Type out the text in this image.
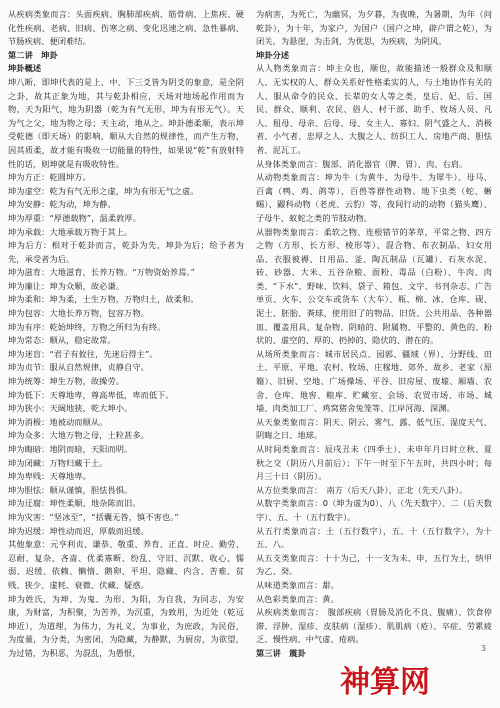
从疾病类象而言：头面疾病、胸肺部疾病、筋骨病、上焦疾、硬化性疾病、老病、旧病、伤寒之病、变化迅速之病、急性暴病、节肠疾病、便闭难结。

第二讲　坤卦

坤卦概述

坤八断，即坤代表的是上、中、下三爻皆为阴爻的象意，是全阴之卦，故其正象为地，其与乾卦相应，天场对地场起作用而为物，天为阳气，地为阴器（乾为有气无形，坤为有形无气）。天为气之父，地为物之母；天主动，地从之。坤卦德柔顺，表示坤受乾德（即天场）的影响，顺从大自然的规律性，而产生万物，因其质柔，故才能有吸收一切能量的特性，如果说“乾”有放射特性的话，则坤就是有吸收特性。

坤为方正：乾圆坤方。

坤为虚空：乾为有气无形之虚，坤为有形无气之虚。

坤为安静：乾为动，坤为静。

坤为厚重：“厚德载物”，温柔敦厚。

坤为承载：大地承载万物于其上。

坤为后方：相对于乾卦而言，乾卦为先，坤卦为后；给予者为先，承受者为后。

坤为滋育：大地滋育，长养万物。“万物资始养焉。”

坤为廉让：坤为众顺，故必谦。

坤为柔和：坤为柔，土生万物，万物归土，故柔和。

坤为包容：大地长养万物，包容万物。

坤为有序：乾始坤终，万物之所归为有终。

坤为常态：顺从，稳定故常。

坤为迷盲：“君子有攸往，先迷后得主”。

坤为贞节：服从自然规律，贞静自守。

坤为统筹：坤生万物，故操劳。

坤为低下：天尊地卑，尊高卑低，卑而低下。

坤为狭小：天阔地狭，乾大坤小。

坤为消极：地被动而顺从。

坤为众多：大地万物之母，土粒甚多。

坤为晦暗：地阴而暗，天阳而明。

坤为闭藏：万物归藏于土。

坤为卑贱：天尊地卑。

坤为胆怯：顺从谨慎，胆怯畏惧。

坤为迂腐：坤性柔顺，地杂陈而旧。

坤为灾害：“坚冰至”，“括囊无咎，慎不害也。”

坤为迟缓：坤性动而迟，厚载而迟缓。

其他象意：元亨利贞、谦恭、敬重、养育、正直、时应、勤劳、忍耐、复杂、吝啬、优柔寡断、纷乱、守旧、沉默、收心、懦弱、迟缓、依赖、懒惰、鹅卵、平坦、隐藏、内含、苦难、贫贱、狭少、虚耗、衰微、伏藏、疑惑。

坤为姓氏，为坤、为鬼、为形、为阳，为自我，为同志，为安康，为财富，为积聚，为苦养，为沉重，为致用，为近处（乾远坤近），为道理，为伟力，为礼义，为事业，为庶政，为民俗，为度量，为分类，为密闭，为隐藏，为静默，为厨房，为欲望，为过错，为积恶，为混乱，为愚恨，

为病害，为死亡，为幽冥，为夕暮，为夜晚，为暑期，为年（问乾卦），为十年，为家户，为国户（国户之坤，辟户谓之乾），为闭关，为悬崖，为击剑，为优思，为疾病，为阴风。

坤卦分述

从人物类象而言：坤主众也，顺也，故能描述一般群众及和顺人、无实权的人、群众关系好性格柔实的人，与土地协作有关的人、服从命令的民众、长辈的女人等之类，皇后、妃、后、国民、群众、顺利、农民、俗人、村干部、助手、牧场人员、凡人、租母、母亲、后母、母、女主人、寡妇、阴气盛之人、消极者、小气者、忠厚之人、大腹之人、纺织工人、房地产商、胆怯者、泥瓦工。

从身体类象而言：腹部、消化器官（脾、胃）、肉、右肩。

从动物类象而言：坤为牛（为黄牛、为母牛、为犀牛）、母马、百禽（鸭、鸡、鸽等），百兽等群性动物、地下虫类（蛇、蜥蜴）、鼹科动物（老虎、云豹）等，夜间行动的动物（猫头鹰）、子母牛、蚁蛇之类的节肢动物。

从器物类象而言：柔软之物、连根错节的茅草，平常之物、四方之物（方形、长方形、棱形等）、混合物、布衣制品、妇女用品、衣服被褥、日用品、釜、陶瓦制品（瓦罐）、石灰水泥、砖、砂器、大米、五谷杂粮、面粉、毒品（白粉）、牛肉、肉类、“下水”、野味、饮料、袋子、箱包、文字、书刊杂志、广告单页、火车、公交车或货车（大车）、瓶、棉、冰、仓库、砚、泥土、胚胎、粪球、使用旧了的物品、旧货、公共用品、各种器皿、覆盖用具、复杂物、阴暗的、附属物、平整的、黄色的、粉状的、虚空的、厚的、扔掉的、隐伏的、潜在的。

从场所类象而言：城市居民点、园郭、疆域（界）、分野线、田土、平原、平地、农村、牧场、庄稼地、郊外、故乡、老家（原籍）、旧厨、空地、广场操场、平谷、旧房屋、废墟、厢墙、农舍、仓库、地窖、粮库、贮藏室、会场、农贸市场、市场、城墙、肉类加工厂、鸡窝猪舍兔笼等、江岸河海、深渊。

从天象类象而言：阴天、阴云、雾气、露、低气压、湿度天气、阴晦之日、地球。

从时间类象而言：辰戌丑未（四季土）、未申年月日时立秋、夏秋之交（阴历八月前后）；下午一时至下午五时，共四小时；每月三十日（阴历）。

从方位类象而言：　南方（后天八卦），正北（先天八卦）。

从数字类象而言：0（坤为虚为0）、八（先天数字）、二（后天数字）、五、十（五行数字）。

从五行类象而言：土（五行数字），五、十（五行数字），为十五、八。

从五支类象而言：十十为己，十一支为未、申，五行为土，纳甲为乙、癸。

从味道类象而言：甜。

从色彩类象而言：黄。

从疾病类象而言：　腹部疾病（胃肠及消化不良、腹痛）、饮食停滞、浮肿、湿疹、皮肤病（湿疹）、肌肌病（疮）、卒症、劳累疲乏、慢性病、中气虚、疮病。

第三讲　震卦	3
神算网
